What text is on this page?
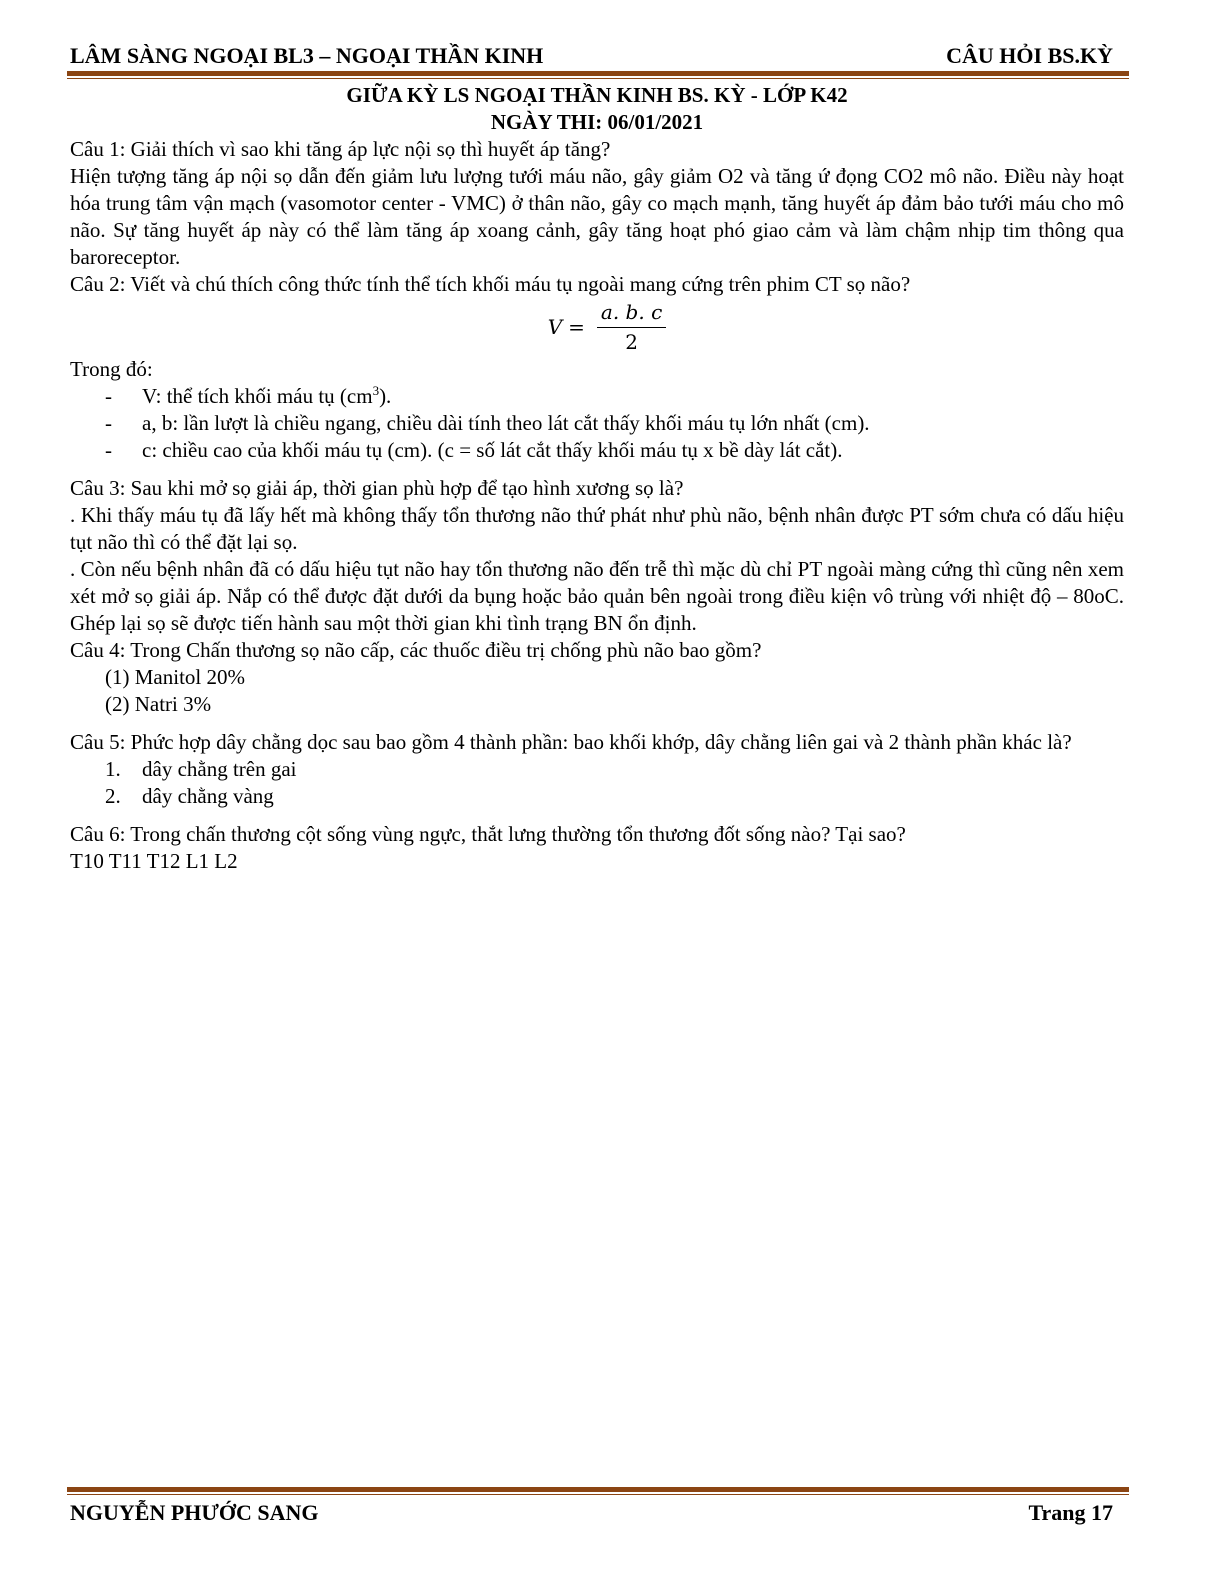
LÂM SÀNG NGOẠI BL3 – NGOẠI THẦN KINH	CÂU HỎI BS.KỲ
GIỮA KỲ LS NGOẠI THẦN KINH BS. KỲ - LỚP K42
NGÀY THI: 06/01/2021
Câu 1: Giải thích vì sao khi tăng áp lực nội sọ thì huyết áp tăng?
Hiện tượng tăng áp nội sọ dẫn đến giảm lưu lượng tưới máu não, gây giảm O2 và tăng ứ đọng CO2 mô não. Điều này hoạt hóa trung tâm vận mạch (vasomotor center - VMC) ở thân não, gây co mạch mạnh, tăng huyết áp đảm bảo tưới máu cho mô não. Sự tăng huyết áp này có thể làm tăng áp xoang cảnh, gây tăng hoạt phó giao cảm và làm chậm nhịp tim thông qua baroreceptor.
Câu 2: Viết và chú thích công thức tính thể tích khối máu tụ ngoài mang cứng trên phim CT sọ não?
$V = \frac{a. b. c}{2}$
Trong đó:
-	V: thể tích khối máu tụ $(cm^3)$.
-	a, b: lần lượt là chiều ngang, chiều dài tính theo lát cắt thấy khối máu tụ lớn nhất (cm).
-	c: chiều cao của khối máu tụ (cm). (c = số lát cắt thấy khối máu tụ x bề dày lát cắt).
Câu 3: Sau khi mở sọ giải áp, thời gian phù hợp để tạo hình xương sọ là?
. Khi thấy máu tụ đã lấy hết mà không thấy tổn thương não thứ phát như phù não, bệnh nhân được PT sớm chưa có dấu hiệu tụt não thì có thể đặt lại sọ.
. Còn nếu bệnh nhân đã có dấu hiệu tụt não hay tổn thương não đến trễ thì mặc dù chỉ PT ngoài màng cứng thì cũng nên xem xét mở sọ giải áp. Nắp có thể được đặt dưới da bụng hoặc bảo quản bên ngoài trong điều kiện vô trùng với nhiệt độ – 80oC. Ghép lại sọ sẽ được tiến hành sau một thời gian khi tình trạng BN ổn định.
Câu 4: Trong Chấn thương sọ não cấp, các thuốc điều trị chống phù não bao gồm?
(1) Manitol 20%
(2) Natri 3%
Câu 5: Phức hợp dây chằng dọc sau bao gồm 4 thành phần: bao khối khớp, dây chằng liên gai và 2 thành phần khác là?
1.	dây chằng trên gai
2.	dây chằng vàng
Câu 6: Trong chấn thương cột sống vùng ngực, thắt lưng thường tổn thương đốt sống nào? Tại sao?
T10 T11 T12 L1 L2
NGUYỄN PHƯỚC SANG	Trang 17
